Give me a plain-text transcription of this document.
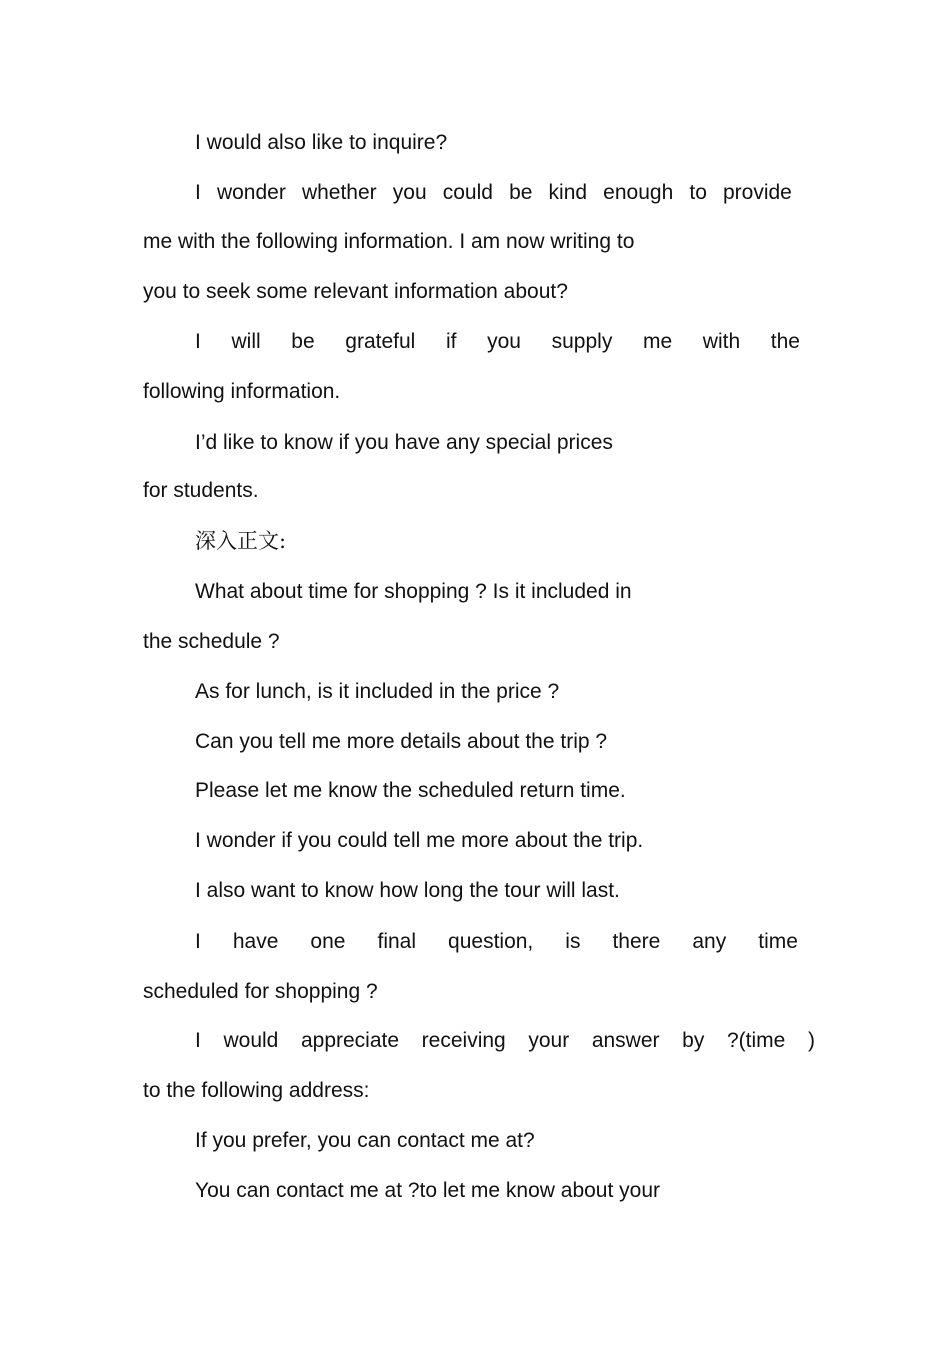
I would also like to inquire?

I wonder whether you could be kind enough to provide

me with the following information. I am now writing to

you to seek some relevant information about?

I will be grateful if you supply me with the

following information.

I’d like to know if you have any special prices

for students.

深入正文:

What about time for shopping ? Is it included in

the schedule ?

As for lunch, is it included in the price ?

Can you tell me more details about the trip ?

Please let me know the scheduled return time.

I wonder if you could tell me more about the trip.

I also want to know how long the tour will last.

I have one final question, is there any time

scheduled for shopping ?

I would appreciate receiving your answer by ?(time )

to the following address:

If you prefer, you can contact me at?

You can contact me at ?to let me know about your
